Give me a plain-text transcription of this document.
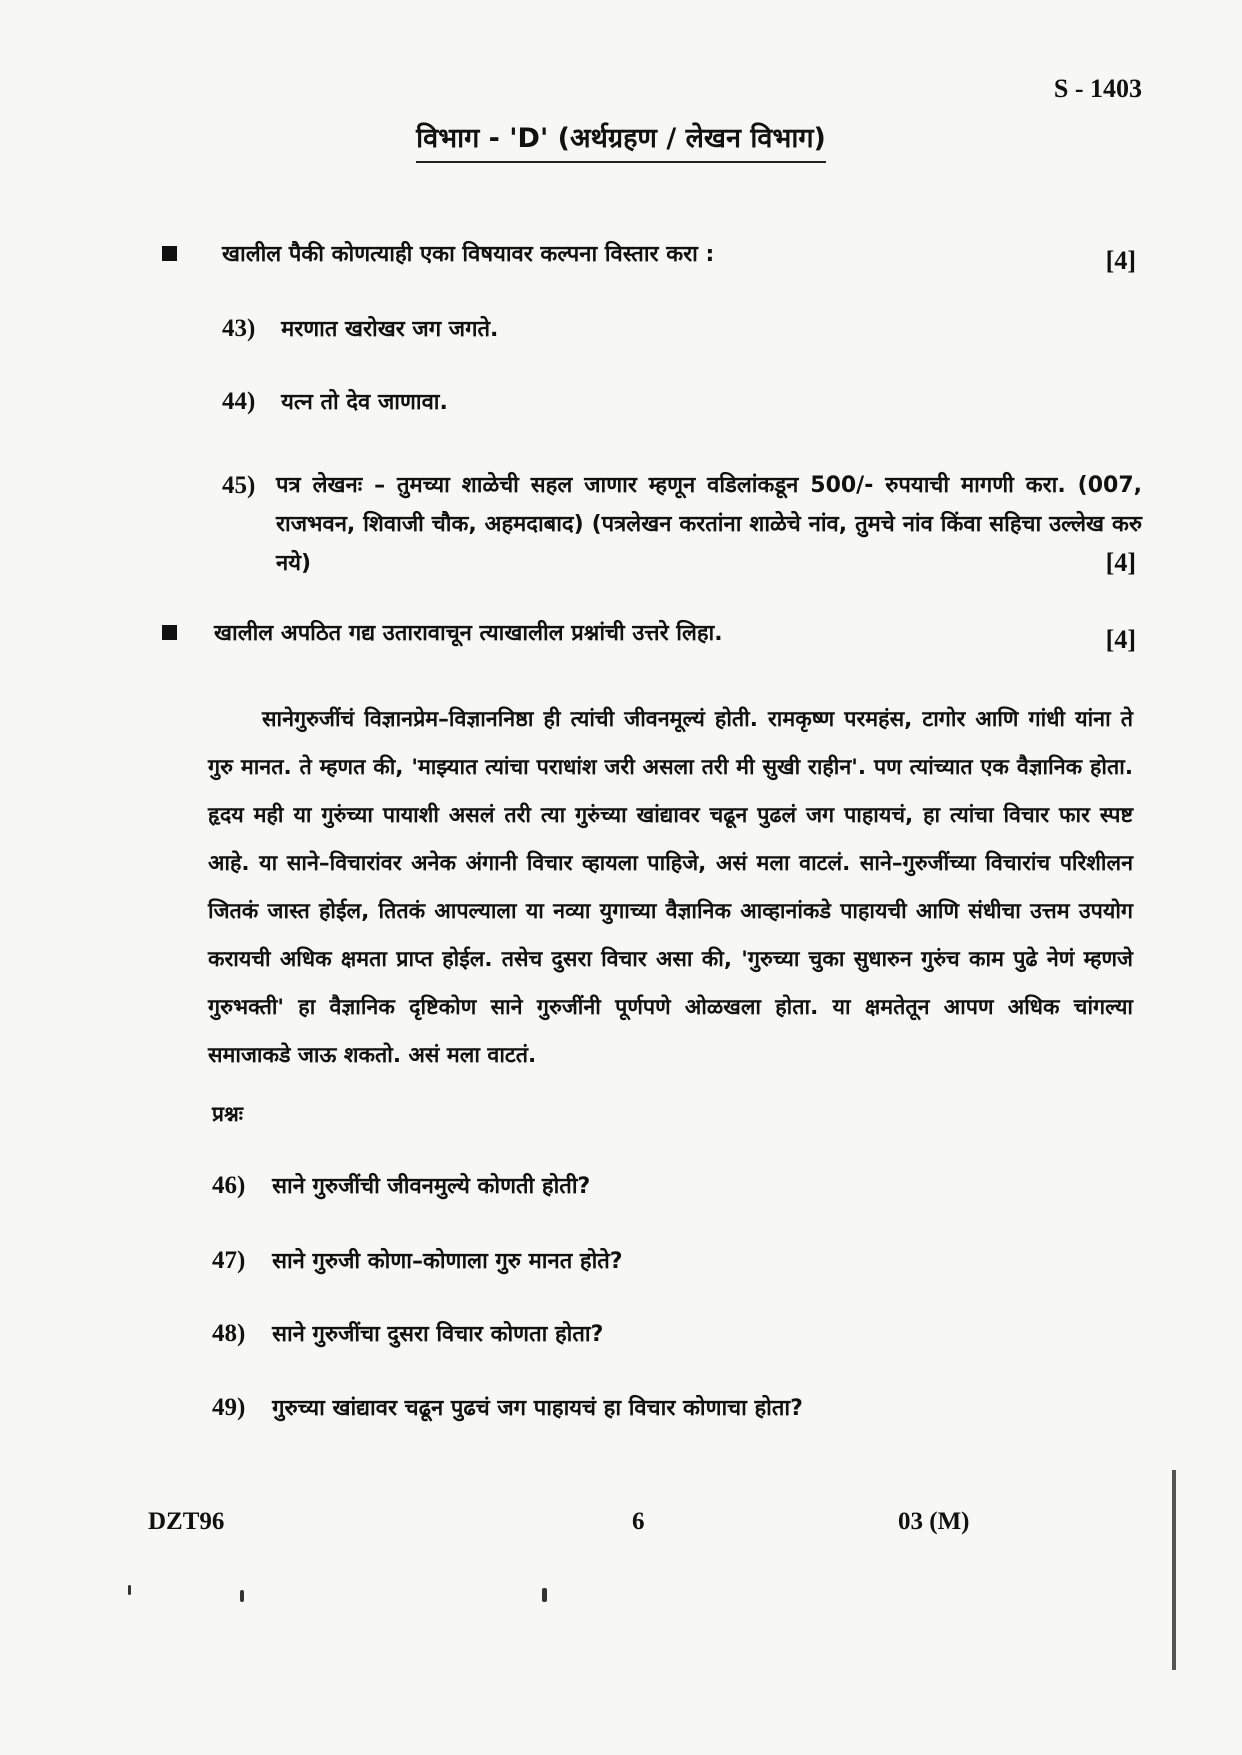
S - 1403
विभाग - 'D' (अर्थग्रहण / लेखन विभाग)
खालील पैकी कोणत्याही एका विषयावर कल्पना विस्तार करा :	[4]
43) मरणात खरोखर जग जगते.
44) यत्न तो देव जाणावा.
45) पत्र लेखनः – तुमच्या शाळेची सहल जाणार म्हणून वडिलांकडून 500/- रुपयाची मागणी करा. (007, राजभवन, शिवाजी चौक, अहमदाबाद) (पत्रलेखन करतांना शाळेचे नांव, तुमचे नांव किंवा सहिचा उल्लेख करु नये)	[4]
खालील अपठित गद्य उतारावाचून त्याखालील प्रश्नांची उत्तरे लिहा.	[4]

सानेगुरुजींचं विज्ञानप्रेम–विज्ञाननिष्ठा ही त्यांची जीवनमूल्यं होती. रामकृष्ण परमहंस, टागोर आणि गांधी यांना ते गुरु मानत. ते म्हणत की, 'माझ्यात त्यांचा पराधांश जरी असला तरी मी सुखी राहीन'. पण त्यांच्यात एक वैज्ञानिक होता. हृदय मही या गुरुंच्या पायाशी असलं तरी त्या गुरुंच्या खांद्यावर चढून पुढलं जग पाहायचं, हा त्यांचा विचार फार स्पष्ट आहे. या साने–विचारांवर अनेक अंगानी विचार व्हायला पाहिजे, असं मला वाटलं. साने–गुरुजींच्या विचारांच परिशीलन जितकं जास्त होईल, तितकं आपल्याला या नव्या युगाच्या वैज्ञानिक आव्हानांकडे पाहायची आणि संधीचा उत्तम उपयोग करायची अधिक क्षमता प्राप्त होईल. तसेच दुसरा विचार असा की, 'गुरुच्या चुका सुधारुन गुरुंच काम पुढे नेणं म्हणजे गुरुभक्ती' हा वैज्ञानिक दृष्टिकोण साने गुरुजींनी पूर्णपणे ओळखला होता. या क्षमतेतून आपण अधिक चांगल्या समाजाकडे जाऊ शकतो. असं मला वाटतं.

प्रश्नः
46) साने गुरुजींची जीवनमुल्ये कोणती होती?
47) साने गुरुजी कोणा–कोणाला गुरु मानत होते?
48) साने गुरुजींचा दुसरा विचार कोणता होता?
49) गुरुच्या खांद्यावर चढून पुढचं जग पाहायचं हा विचार कोणाचा होता?
DZT96	6	03 (M)
